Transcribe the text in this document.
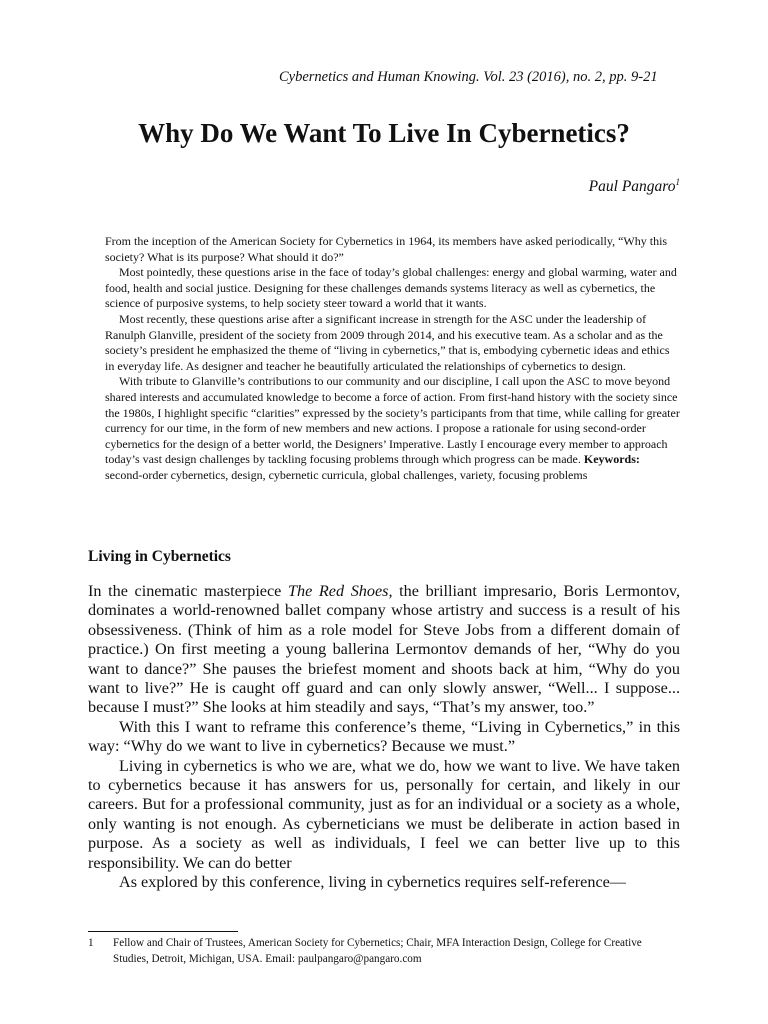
Cybernetics and Human Knowing. Vol. 23 (2016), no. 2, pp. 9-21
Why Do We Want To Live In Cybernetics?
Paul Pangaro$^1$

From the inception of the American Society for Cybernetics in 1964, its members have asked periodically, “Why this society? What is its purpose? What should it do?”

Most pointedly, these questions arise in the face of today’s global challenges: energy and global warming, water and food, health and social justice. Designing for these challenges demands systems literacy as well as cybernetics, the science of purposive systems, to help society steer toward a world that it wants.

Most recently, these questions arise after a significant increase in strength for the ASC under the leadership of Ranulph Glanville, president of the society from 2009 through 2014, and his executive team. As a scholar and as the society’s president he emphasized the theme of “living in cybernetics,” that is, embodying cybernetic ideas and ethics in everyday life. As designer and teacher he beautifully articulated the relationships of cybernetics to design.

With tribute to Glanville’s contributions to our community and our discipline, I call upon the ASC to move beyond shared interests and accumulated knowledge to become a force of action. From first-hand history with the society since the 1980s, I highlight specific “clarities” expressed by the society’s participants from that time, while calling for greater currency for our time, in the form of new members and new actions. I propose a rationale for using second-order cybernetics for the design of a better world, the Designers’ Imperative. Lastly I encourage every member to approach today’s vast design challenges by tackling focusing problems through which progress can be made. Keywords: second-order cybernetics, design, cybernetic curricula, global challenges, variety, focusing problems

Living in Cybernetics

In the cinematic masterpiece The Red Shoes, the brilliant impresario, Boris Lermontov, dominates a world-renowned ballet company whose artistry and success is a result of his obsessiveness. (Think of him as a role model for Steve Jobs from a different domain of practice.) On first meeting a young ballerina Lermontov demands of her, “Why do you want to dance?” She pauses the briefest moment and shoots back at him, “Why do you want to live?” He is caught off guard and can only slowly answer, “Well... I suppose... because I must?” She looks at him steadily and says, “That’s my answer, too.”

With this I want to reframe this conference’s theme, “Living in Cybernetics,” in this way: “Why do we want to live in cybernetics? Because we must.”

Living in cybernetics is who we are, what we do, how we want to live. We have taken to cybernetics because it has answers for us, personally for certain, and likely in our careers. But for a professional community, just as for an individual or a society as a whole, only wanting is not enough. As cyberneticians we must be deliberate in action based in purpose. As a society as well as individuals, I feel we can better live up to this responsibility. We can do better

As explored by this conference, living in cybernetics requires self-reference—

1 Fellow and Chair of Trustees, American Society for Cybernetics; Chair, MFA Interaction Design, College for Creative Studies, Detroit, Michigan, USA. Email: paulpangaro@pangaro.com
